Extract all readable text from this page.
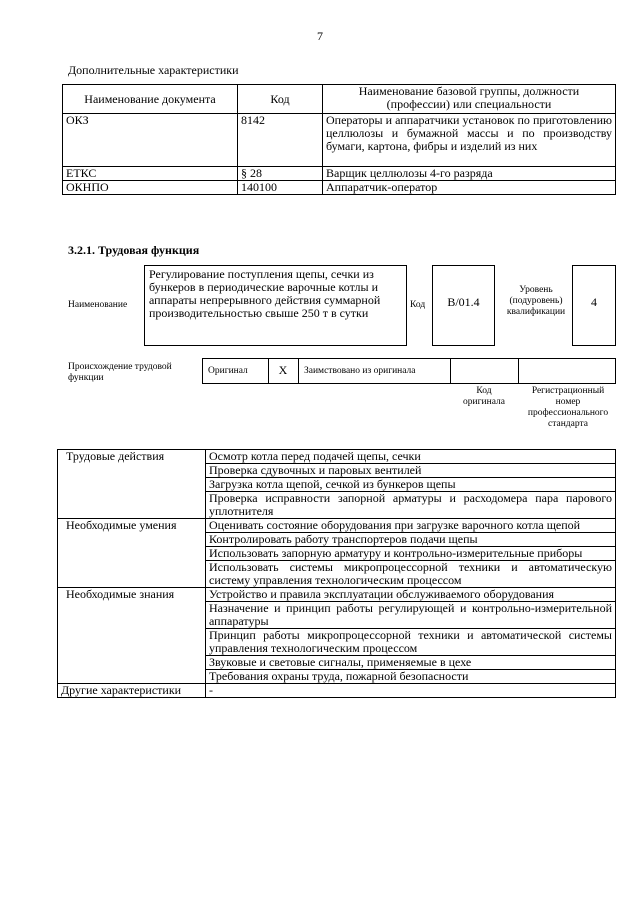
7
Дополнительные характеристики
Наименование документа	Код	Наименование базовой группы, должности
(профессии) или специальности

ОКЗ	8142	Операторы и аппаратчики установок по приготовлению целлюлозы и бумажной массы и по производству бумаги, картона, фибры и изделий из них
ЕТКС	§ 28	Варщик целлюлозы 4-го разряда
ОКНПО	140100	Аппаратчик-оператор
3.2.1. Трудовая функция
Наименование
Регулирование поступления щепы, сечки из бункеров в периодические варочные котлы и аппараты непрерывного действия суммарной производительностью свыше 250 т в сутки
Код	B/01.4
Уровень
(подуровень)
квалификации
4
Происхождение трудовой
функции
Оригинал	X	Заимствовано из оригинала
Код
оригинала
Регистрационный
номер
профессионального
стандарта
Трудовые действия	Осмотр котла перед подачей щепы, сечки
	Проверка сдувочных и паровых вентилей
	Загрузка котла щепой, сечкой из бункеров щепы
	Проверка исправности запорной арматуры и расходомера пара парового уплотнителя
Необходимые умения	Оценивать состояние оборудования при загрузке варочного котла щепой
	Контролировать работу транспортеров подачи щепы
	Использовать запорную арматуру и контрольно-измерительные приборы
	Использовать системы микропроцессорной техники и автоматическую систему управления технологическим процессом
Необходимые знания	Устройство и правила эксплуатации обслуживаемого оборудования
	Назначение и принцип работы регулирующей и контрольно-измерительной аппаратуры
	Принцип работы микропроцессорной техники и автоматической системы управления технологическим процессом
	Звуковые и световые сигналы, применяемые в цехе
	Требования охраны труда, пожарной безопасности
Другие характеристики	-
